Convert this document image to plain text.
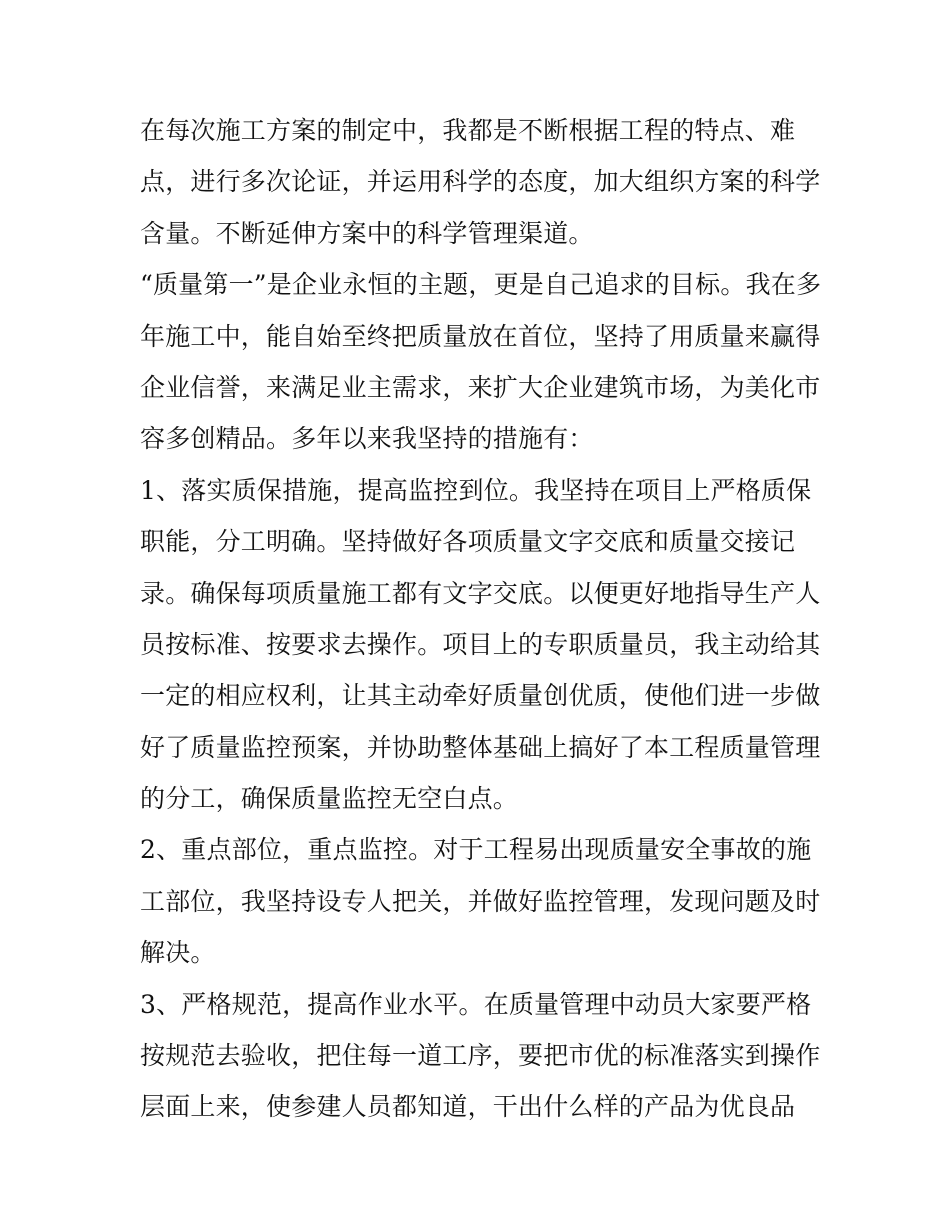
在每次施工方案的制定中，我都是不断根据工程的特点、难
点，进行多次论证，并运用科学的态度，加大组织方案的科学
含量。不断延伸方案中的科学管理渠道。
“质量第一”是企业永恒的主题，更是自己追求的目标。我在多
年施工中，能自始至终把质量放在首位，坚持了用质量来赢得
企业信誉，来满足业主需求，来扩大企业建筑市场，为美化市
容多创精品。多年以来我坚持的措施有：
1、落实质保措施，提高监控到位。我坚持在项目上严格质保
职能，分工明确。坚持做好各项质量文字交底和质量交接记
录。确保每项质量施工都有文字交底。以便更好地指导生产人
员按标准、按要求去操作。项目上的专职质量员，我主动给其
一定的相应权利，让其主动牵好质量创优质，使他们进一步做
好了质量监控预案，并协助整体基础上搞好了本工程质量管理
的分工，确保质量监控无空白点。
2、重点部位，重点监控。对于工程易出现质量安全事故的施
工部位，我坚持设专人把关，并做好监控管理，发现问题及时
解决。
3、严格规范，提高作业水平。在质量管理中动员大家要严格
按规范去验收，把住每一道工序，要把市优的标准落实到操作
层面上来，使参建人员都知道，干出什么样的产品为优良品
